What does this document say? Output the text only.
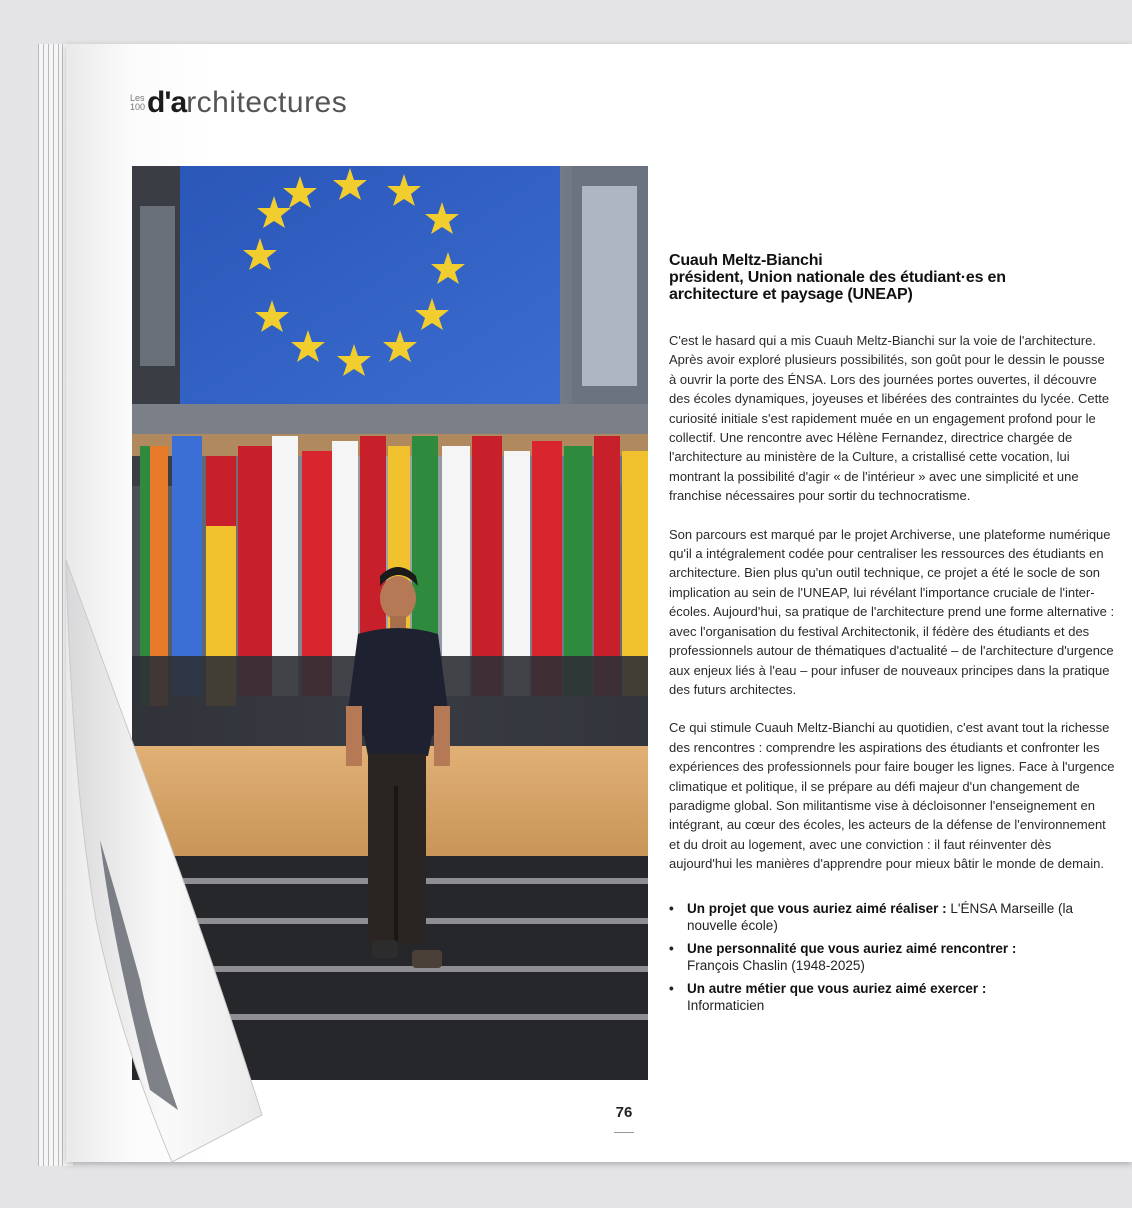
Les
100 d'a rchitectures
Cuauh Meltz-Bianchi
président, Union nationale des étudiant·es en architecture et paysage (UNEAP)

C'est le hasard qui a mis Cuauh Meltz-Bianchi sur la voie de l'architecture. Après avoir exploré plusieurs possibilités, son goût pour le dessin le pousse à ouvrir la porte des ÉNSA. Lors des journées portes ouvertes, il découvre des écoles dynamiques, joyeuses et libérées des contraintes du lycée. Cette curiosité initiale s'est rapidement muée en un engagement profond pour le collectif. Une rencontre avec Hélène Fernandez, directrice chargée de l'architecture au ministère de la Culture, a cristallisé cette vocation, lui montrant la possibilité d'agir « de l'intérieur » avec une simplicité et une franchise nécessaires pour sortir du technocratisme.

Son parcours est marqué par le projet Archiverse, une plateforme numérique qu'il a intégralement codée pour centraliser les ressources des étudiants en architecture. Bien plus qu'un outil technique, ce projet a été le socle de son implication au sein de l'UNEAP, lui révélant l'importance cruciale de l'inter-écoles. Aujourd'hui, sa pratique de l'architecture prend une forme alternative : avec l'organisation du festival Architectonik, il fédère des étudiants et des professionnels autour de thématiques d'actualité – de l'architecture d'urgence aux enjeux liés à l'eau – pour infuser de nouveaux principes dans la pratique des futurs architectes.

Ce qui stimule Cuauh Meltz-Bianchi au quotidien, c'est avant tout la richesse des rencontres : comprendre les aspirations des étudiants et confronter les expériences des professionnels pour faire bouger les lignes. Face à l'urgence climatique et politique, il se prépare au défi majeur d'un changement de paradigme global. Son militantisme vise à décloisonner l'enseignement en intégrant, au cœur des écoles, les acteurs de la défense de l'environnement et du droit au logement, avec une conviction : il faut réinventer dès aujourd'hui les manières d'apprendre pour mieux bâtir le monde de demain.

• Un projet que vous auriez aimé réaliser : L'ÉNSA Marseille (la nouvelle école)
• Une personnalité que vous auriez aimé rencontrer :
François Chaslin (1948-2025)
• Un autre métier que vous auriez aimé exercer :
Informaticien
76
